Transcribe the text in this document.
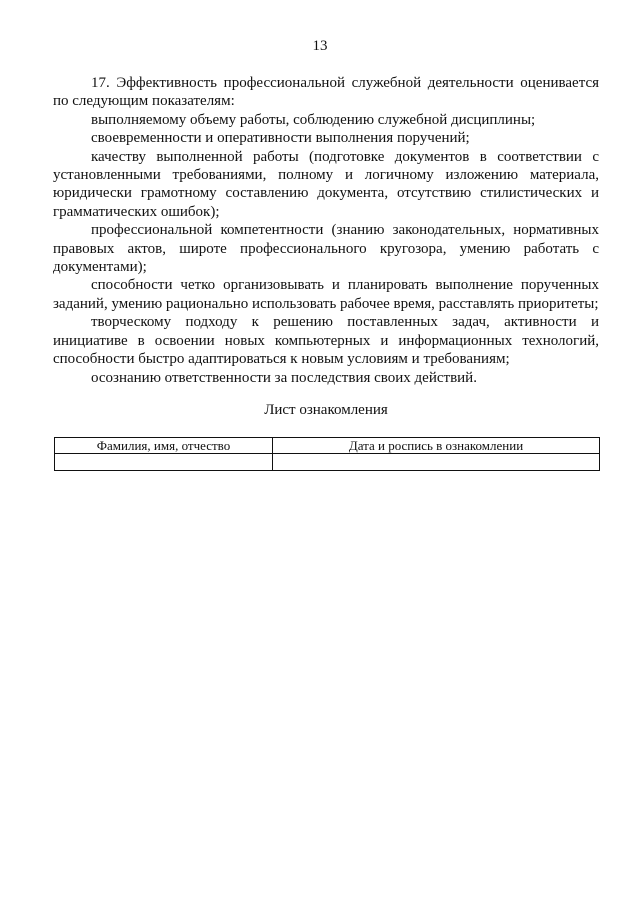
13

17. Эффективность профессиональной служебной деятельности оценивается по следующим показателям:

выполняемому объему работы, соблюдению служебной дисциплины;

своевременности и оперативности выполнения поручений;

качеству выполненной работы (подготовке документов в соответствии с установленными требованиями, полному и логичному изложению материала, юридически грамотному составлению документа, отсутствию стилистических и грамматических ошибок);

профессиональной компетентности (знанию законодательных, нормативных правовых актов, широте профессионального кругозора, умению работать с документами);

способности четко организовывать и планировать выполнение порученных заданий, умению рационально использовать рабочее время, расставлять приоритеты;

творческому подходу к решению поставленных задач, активности и инициативе в освоении новых компьютерных и информационных технологий, способности быстро адаптироваться к новым условиям и требованиям;

осознанию ответственности за последствия своих действий.

Лист ознакомления
Фамилия, имя, отчество	Дата и роспись в ознакомлении
